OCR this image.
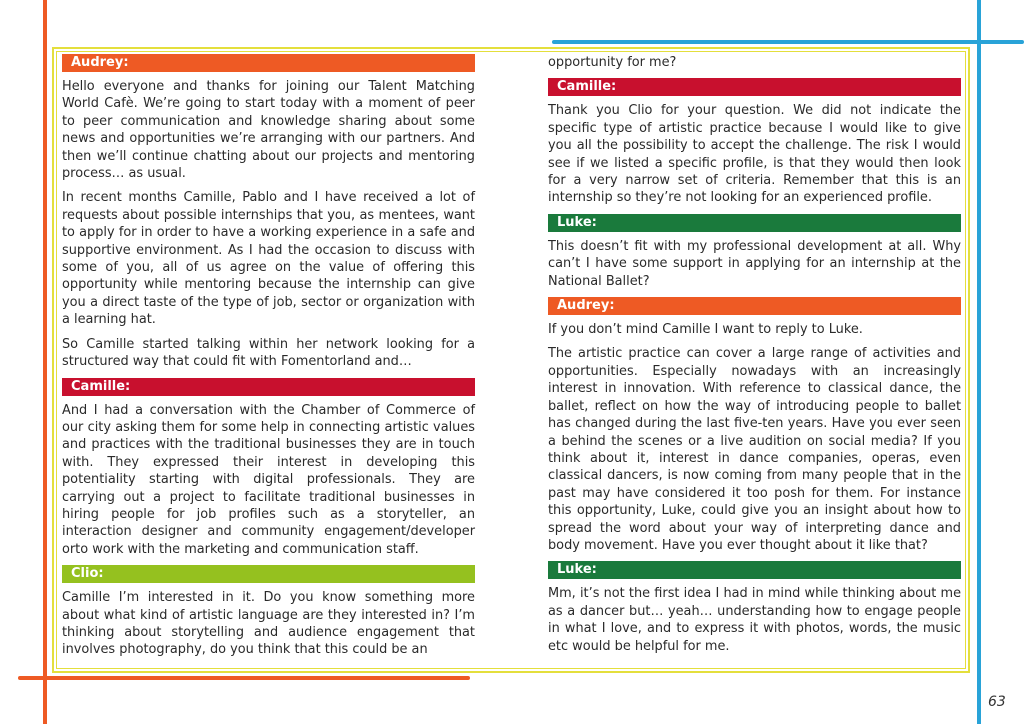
Audrey:

Hello everyone and thanks for joining our Talent Matching World Cafè. We’re going to start today with a moment of peer to peer communication and knowledge sharing about some news and opportunities we’re arranging with our partners. And then we’ll continue chatting about our projects and mentoring process… as usual.

In recent months Camille, Pablo and I have received a lot of requests about possible internships that you, as mentees, want to apply for in order to have a working experience in a safe and supportive environment. As I had the occasion to discuss with some of you, all of us agree on the value of offering this opportunity while mentoring because the internship can give you a direct taste of the type of job, sector or organization with a learning hat.

So Camille started talking within her network looking for a structured way that could fit with Fomentorland and…

Camille:

And I had a conversation with the Chamber of Commerce of our city asking them for some help in connecting artistic values and practices with the traditional businesses they are in touch with. They expressed their interest in developing this potentiality starting with digital professionals. They are carrying out a project to facilitate traditional businesses in hiring people for job profiles such as a storyteller, an interaction designer and community engagement/developer orto work with the marketing and communication staff.

Clio:

Camille I’m interested in it. Do you know something more about what kind of artistic language are they interested in? I’m thinking about storytelling and audience engagement that involves photography, do you think that this could be an

opportunity for me?

Camille:

Thank you Clio for your question. We did not indicate the specific type of artistic practice because I would like to give you all the possibility to accept the challenge. The risk I would see if we listed a specific profile, is that they would then look for a very narrow set of criteria. Remember that this is an internship so they’re not looking for an experienced profile.

Luke:

This doesn’t fit with my professional development at all. Why can’t I have some support in applying for an internship at the National Ballet?

Audrey:

If you don’t mind Camille I want to reply to Luke.

The artistic practice can cover a large range of activities and opportunities. Especially nowadays with an increasingly interest in innovation. With reference to classical dance, the ballet, reflect on how the way of introducing people to ballet has changed during the last five-ten years. Have you ever seen a behind the scenes or a live audition on social media? If you think about it, interest in dance companies, operas, even classical dancers, is now coming from many people that in the past may have considered it too posh for them. For instance this opportunity, Luke, could give you an insight about how to spread the word about your way of interpreting dance and body movement. Have you ever thought about it like that?

Luke:

Mm, it’s not the first idea I had in mind while thinking about me as a dancer but… yeah… understanding how to engage people in what I love, and to express it with photos, words, the music etc would be helpful for me.

63
